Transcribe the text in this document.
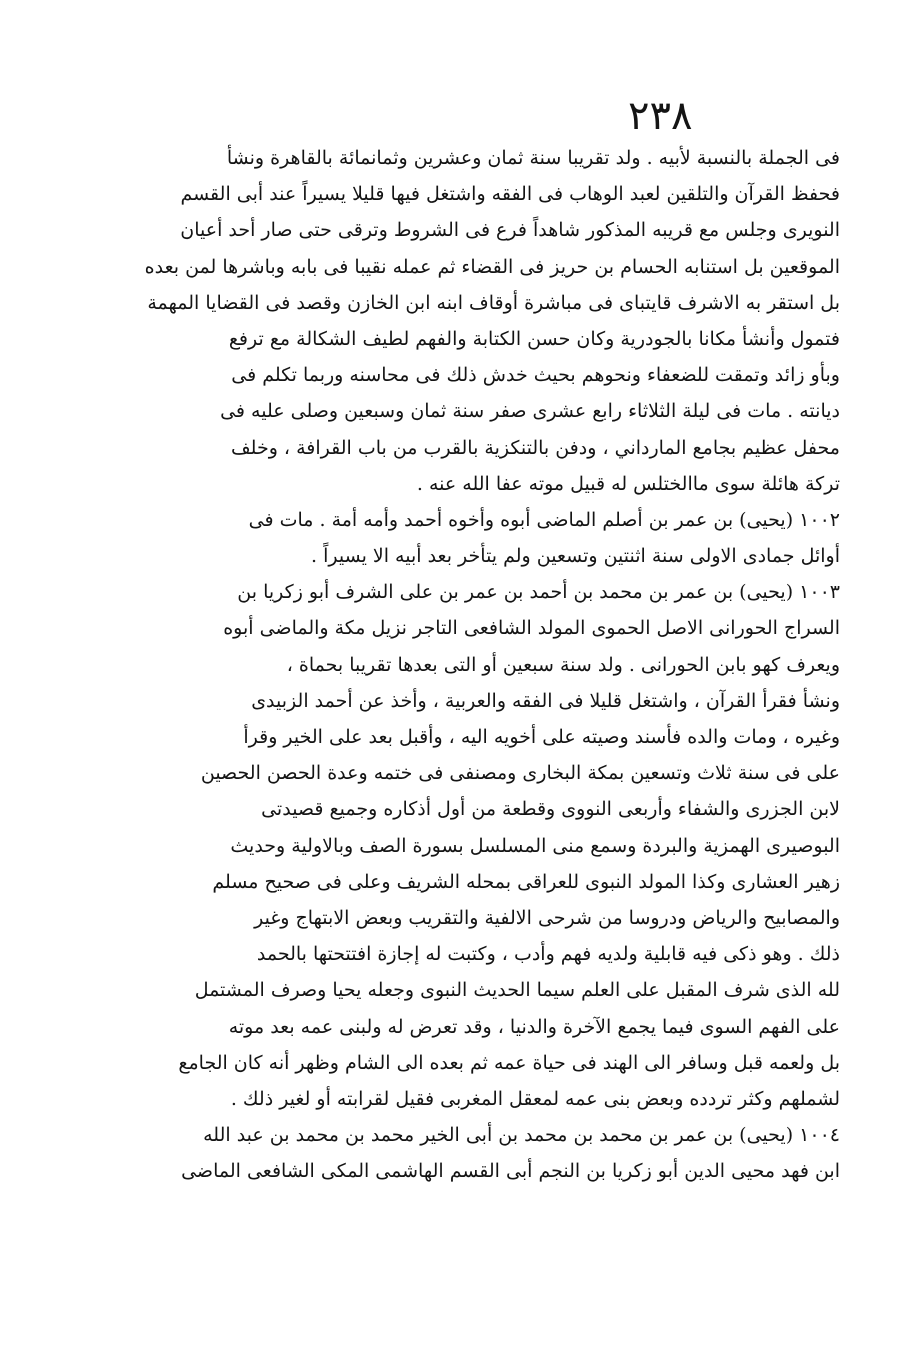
٢٣٨
فى الجملة بالنسبة لأبيه . ولد تقريبا سنة ثمان وعشرين وثمانمائة بالقاهرة ونشأ
فحفظ القرآن والتلقين لعبد الوهاب فى الفقه واشتغل فيها قليلا يسيراً عند أبى القسم
النويرى وجلس مع قريبه المذكور شاهداً فرع فى الشروط وترقى حتى صار أحد أعيان
الموقعين بل استنابه الحسام بن حريز فى القضاء ثم عمله نقيبا فى بابه وباشرها لمن بعده
بل استقر به الاشرف قايتباى فى مباشرة أوقاف ابنه ابن الخازن وقصد فى القضايا المهمة
فتمول وأنشأ مكانا بالجودرية وكان حسن الكتابة والفهم لطيف الشكالة مع ترفع
وبأو زائد وتمقت للضعفاء ونحوهم بحيث خدش ذلك فى محاسنه وربما تكلم فى
ديانته . مات فى ليلة الثلاثاء رابع عشرى صفر سنة ثمان وسبعين وصلى عليه فى
محفل عظيم بجامع المارداني ، ودفن بالتنكزية بالقرب من باب القرافة ، وخلف
تركة هائلة سوى ماالختلس له قبيل موته عفا الله عنه .
١٠٠٢ (يحيى) بن عمر بن أصلم الماضى أبوه وأخوه أحمد وأمه أمة . مات فى
أوائل جمادى الاولى سنة اثنتين وتسعين ولم يتأخر بعد أبيه الا يسيراً .
١٠٠٣ (يحيى) بن عمر بن محمد بن أحمد بن عمر بن على الشرف أبو زكريا بن
السراج الحورانى الاصل الحموى المولد الشافعى التاجر نزيل مكة والماضى أبوه
ويعرف كهو بابن الحورانى . ولد سنة سبعين أو التى بعدها تقريبا بحماة ،
ونشأ فقرأ القرآن ، واشتغل قليلا فى الفقه والعربية ، وأخذ عن أحمد الزبيدى
وغيره ، ومات والده فأسند وصيته على أخويه اليه ، وأقبل بعد على الخير وقرأ
على فى سنة ثلاث وتسعين بمكة البخارى ومصنفى فى ختمه وعدة الحصن الحصين
لابن الجزرى والشفاء وأربعى النووى وقطعة من أول أذكاره وجميع قصيدتى
البوصيرى الهمزية والبردة وسمع منى المسلسل بسورة الصف وبالاولية وحديث
زهير العشارى وكذا المولد النبوى للعراقى بمحله الشريف وعلى فى صحيح مسلم
والمصابيح والرياض ودروسا من شرحى الالفية والتقريب وبعض الابتهاج وغير
ذلك . وهو ذكى فيه قابلية ولديه فهم وأدب ، وكتبت له إجازة افتتحتها بالحمد
لله الذى شرف المقبل على العلم سيما الحديث النبوى وجعله يحيا وصرف المشتمل
على الفهم السوى فيما يجمع الآخرة والدنيا ، وقد تعرض له ولبنى عمه بعد موته
بل ولعمه قبل وسافر الى الهند فى حياة عمه ثم بعده الى الشام وظهر أنه كان الجامع
لشملهم وكثر تردده وبعض بنى عمه لمعقل المغربى فقيل لقرابته أو لغير ذلك .
١٠٠٤ (يحيى) بن عمر بن محمد بن محمد بن أبى الخير محمد بن محمد بن عبد الله
ابن فهد محيى الدين أبو زكريا بن النجم أبى القسم الهاشمى المكى الشافعى الماضى
